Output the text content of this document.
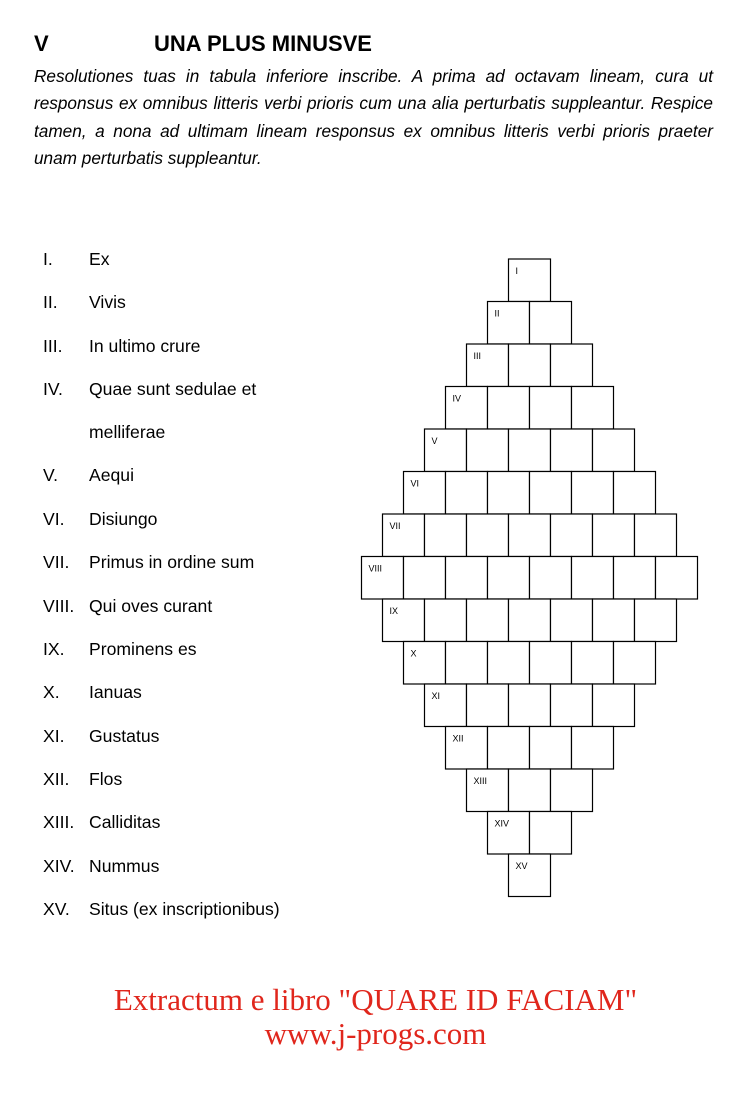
V	UNA PLUS MINUSVE

Resolutiones tuas in tabula inferiore inscribe. A prima ad octavam lineam, cura ut responsus ex omnibus litteris verbi prioris cum una alia perturbatis suppleantur. Respice tamen, a nona ad ultimam lineam responsus ex omnibus litteris verbi prioris praeter unam perturbatis suppleantur.

I. Ex
II. Vivis
III. In ultimo crure
IV. Quae sunt sedulae et
melliferae
V. Aequi
VI. Disiungo
VII. Primus in ordine sum
VIII. Qui oves curant
IX. Prominens es
X. Ianuas
XI. Gustatus
XII. Flos
XIII. Calliditas
XIV. Nummus
XV. Situs (ex inscriptionibus)
I
II
III
IV
V
VI
VII
VIII
IX
X
XI
XII
XIII
XIV
XV
Extractum e libro "QUARE ID FACIAM"
www.j-progs.com
